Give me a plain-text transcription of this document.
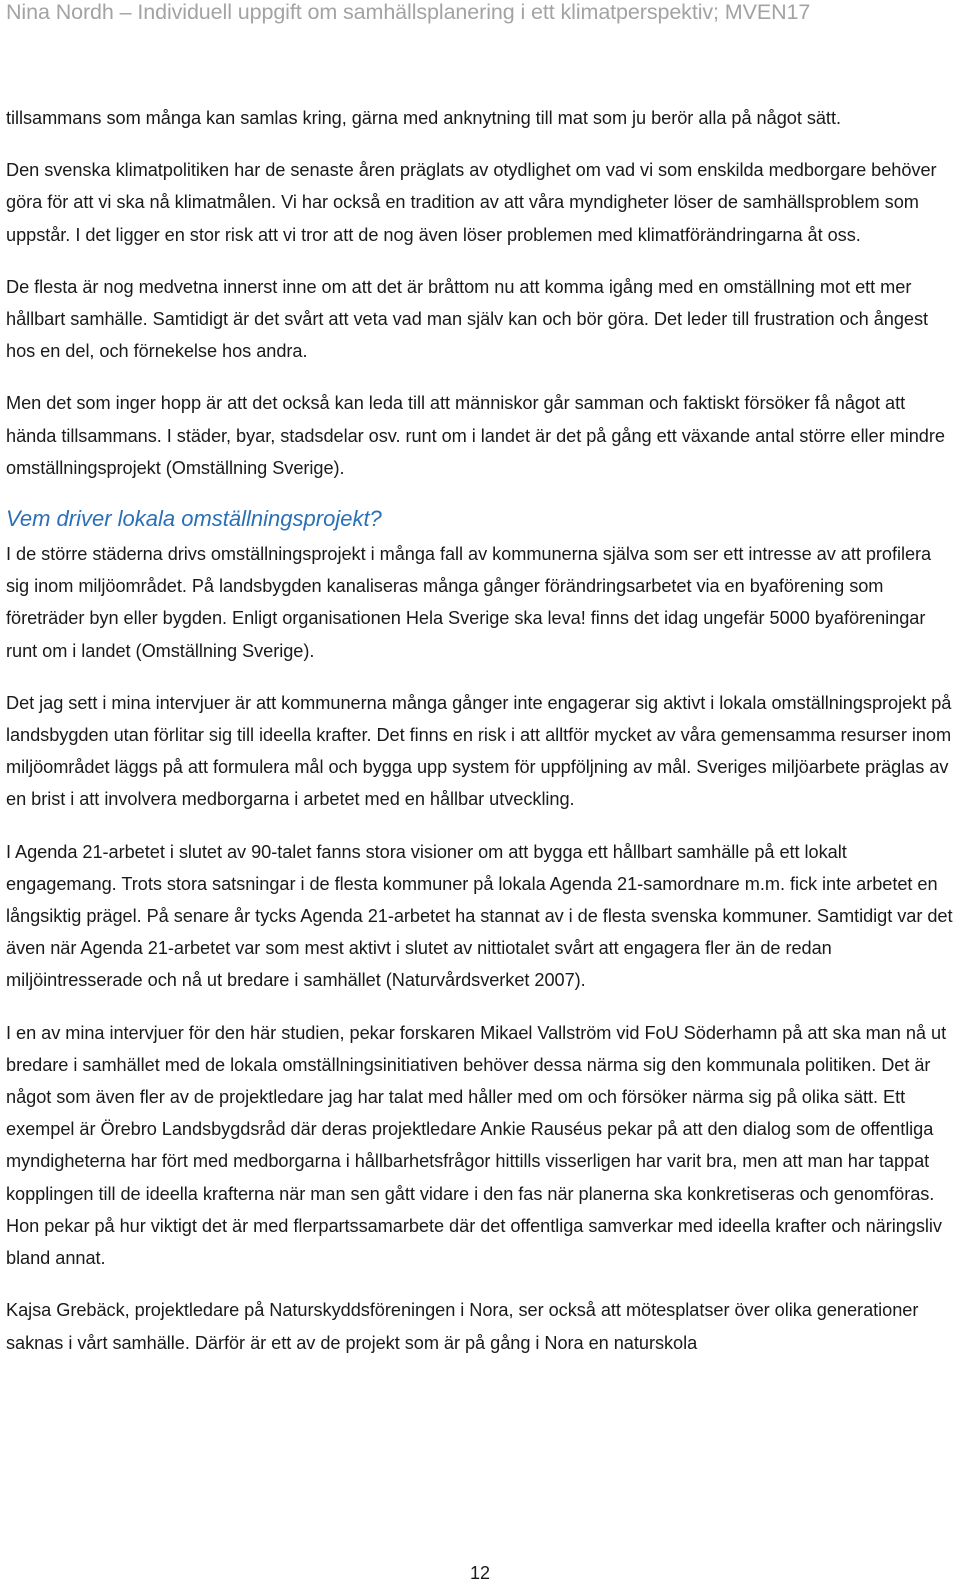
Nina Nordh – Individuell uppgift om samhällsplanering i ett klimatperspektiv; MVEN17

tillsammans som många kan samlas kring, gärna med anknytning till mat som ju berör alla på något sätt.

Den svenska klimatpolitiken har de senaste åren präglats av otydlighet om vad vi som enskilda medborgare behöver göra för att vi ska nå klimatmålen. Vi har också en tradition av att våra myndigheter löser de samhällsproblem som uppstår. I det ligger en stor risk att vi tror att de nog även löser problemen med klimatförändringarna åt oss.

De flesta är nog medvetna innerst inne om att det är bråttom nu att komma igång med en omställning mot ett mer hållbart samhälle. Samtidigt är det svårt att veta vad man själv kan och bör göra. Det leder till frustration och ångest hos en del, och förnekelse hos andra.

Men det som inger hopp är att det också kan leda till att människor går samman och faktiskt försöker få något att hända tillsammans. I städer, byar, stadsdelar osv. runt om i landet är det på gång ett växande antal större eller mindre omställningsprojekt (Omställning Sverige).

Vem driver lokala omställningsprojekt?

I de större städerna drivs omställningsprojekt i många fall av kommunerna själva som ser ett intresse av att profilera sig inom miljöområdet. På landsbygden kanaliseras många gånger förändringsarbetet via en byaförening som företräder byn eller bygden. Enligt organisationen Hela Sverige ska leva! finns det idag ungefär 5000 byaföreningar runt om i landet (Omställning Sverige).

Det jag sett i mina intervjuer är att kommunerna många gånger inte engagerar sig aktivt i lokala omställningsprojekt på landsbygden utan förlitar sig till ideella krafter. Det finns en risk i att alltför mycket av våra gemensamma resurser inom miljöområdet läggs på att formulera mål och bygga upp system för uppföljning av mål. Sveriges miljöarbete präglas av en brist i att involvera medborgarna i arbetet med en hållbar utveckling.

I Agenda 21-arbetet i slutet av 90-talet fanns stora visioner om att bygga ett hållbart samhälle på ett lokalt engagemang. Trots stora satsningar i de flesta kommuner på lokala Agenda 21-samordnare m.m. fick inte arbetet en långsiktig prägel. På senare år tycks Agenda 21-arbetet ha stannat av i de flesta svenska kommuner. Samtidigt var det även när Agenda 21-arbetet var som mest aktivt i slutet av nittiotalet svårt att engagera fler än de redan miljöintresserade och nå ut bredare i samhället (Naturvårdsverket 2007).

I en av mina intervjuer för den här studien, pekar forskaren Mikael Vallström vid FoU Söderhamn på att ska man nå ut bredare i samhället med de lokala omställningsinitiativen behöver dessa närma sig den kommunala politiken. Det är något som även fler av de projektledare jag har talat med håller med om och försöker närma sig på olika sätt. Ett exempel är Örebro Landsbygdsråd där deras projektledare Ankie Rauséus pekar på att den dialog som de offentliga myndigheterna har fört med medborgarna i hållbarhetsfrågor hittills visserligen har varit bra, men att man har tappat kopplingen till de ideella krafterna när man sen gått vidare i den fas när planerna ska konkretiseras och genomföras. Hon pekar på hur viktigt det är med flerpartssamarbete där det offentliga samverkar med ideella krafter och näringsliv bland annat.

Kajsa Grebäck, projektledare på Naturskyddsföreningen i Nora, ser också att mötesplatser över olika generationer saknas i vårt samhälle. Därför är ett av de projekt som är på gång i Nora en naturskola

12
